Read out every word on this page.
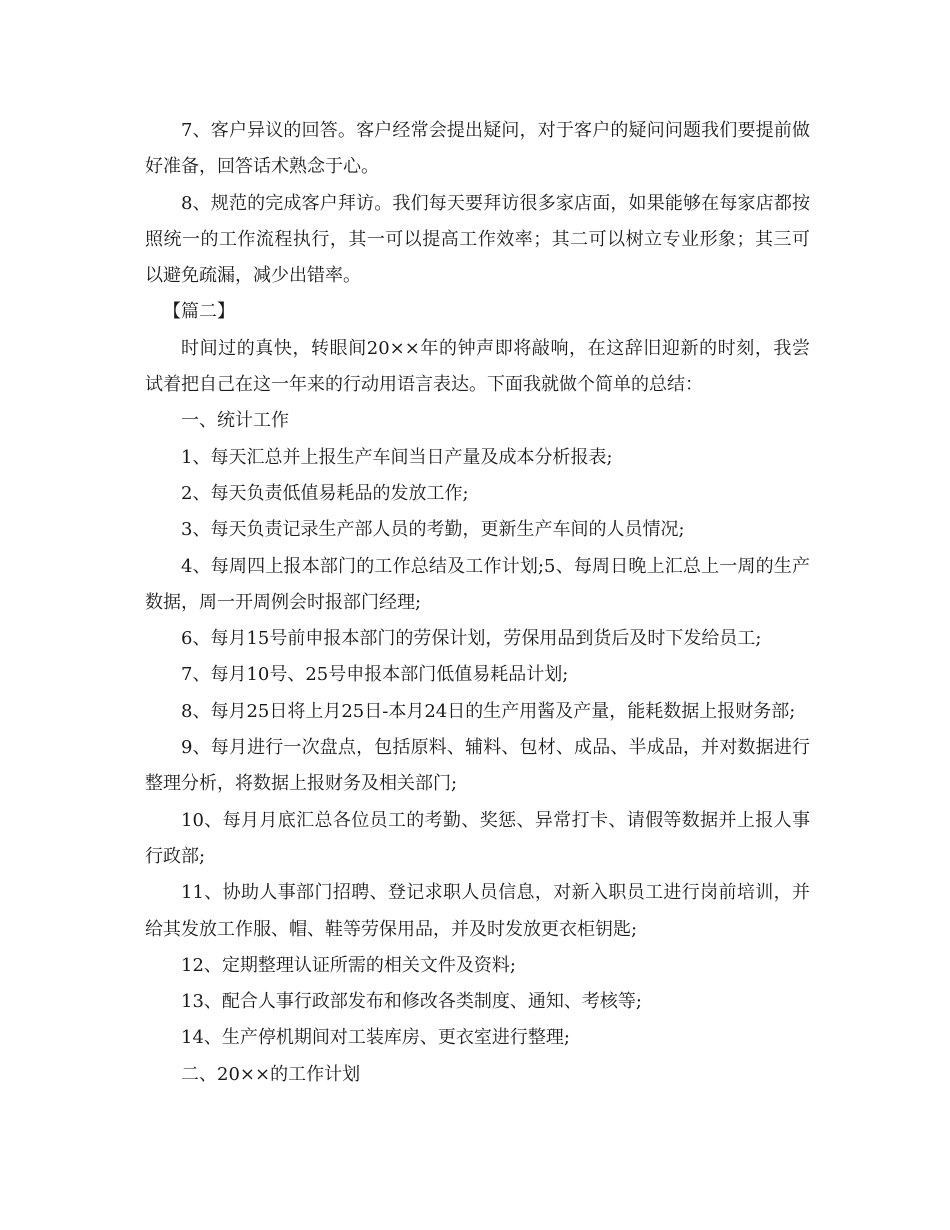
7、客户异议的回答。客户经常会提出疑问，对于客户的疑问问题我们要提前做好准备，回答话术熟念于心。

8、规范的完成客户拜访。我们每天要拜访很多家店面，如果能够在每家店都按照统一的工作流程执行，其一可以提高工作效率；其二可以树立专业形象；其三可以避免疏漏，减少出错率。

【篇二】

时间过的真快，转眼间20××年的钟声即将敲响，在这辞旧迎新的时刻，我尝试着把自己在这一年来的行动用语言表达。下面我就做个简单的总结：

一、统计工作

1、每天汇总并上报生产车间当日产量及成本分析报表;

2、每天负责低值易耗品的发放工作;

3、每天负责记录生产部人员的考勤，更新生产车间的人员情况;

4、每周四上报本部门的工作总结及工作计划;5、每周日晚上汇总上一周的生产数据，周一开周例会时报部门经理;

6、每月15号前申报本部门的劳保计划，劳保用品到货后及时下发给员工;

7、每月10号、25号申报本部门低值易耗品计划;

8、每月25日将上月25日-本月24日的生产用酱及产量，能耗数据上报财务部;

9、每月进行一次盘点，包括原料、辅料、包材、成品、半成品，并对数据进行整理分析，将数据上报财务及相关部门;

10、每月月底汇总各位员工的考勤、奖惩、异常打卡、请假等数据并上报人事行政部;

11、协助人事部门招聘、登记求职人员信息，对新入职员工进行岗前培训，并给其发放工作服、帽、鞋等劳保用品，并及时发放更衣柜钥匙;

12、定期整理认证所需的相关文件及资料;

13、配合人事行政部发布和修改各类制度、通知、考核等;

14、生产停机期间对工装库房、更衣室进行整理;

二、20××的工作计划
